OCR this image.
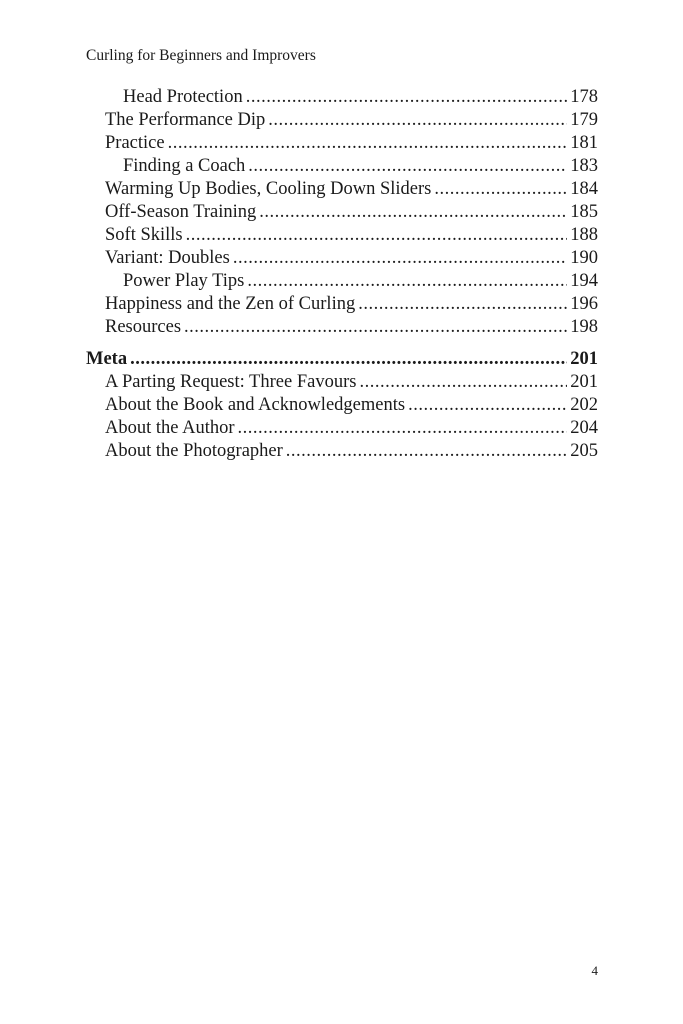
Curling for Beginners and Improvers
Head Protection .....	178
The Performance Dip .....	179
Practice .....	181
Finding a Coach .....	183
Warming Up Bodies, Cooling Down Sliders .....	184
Off-Season Training .....	185
Soft Skills .....	188
Variant: Doubles .....	190
Power Play Tips .....	194
Happiness and the Zen of Curling .....	196
Resources .....	198
Meta .....	201
A Parting Request: Three Favours .....	201
About the Book and Acknowledgements .....	202
About the Author .....	204
About the Photographer .....	205
4
